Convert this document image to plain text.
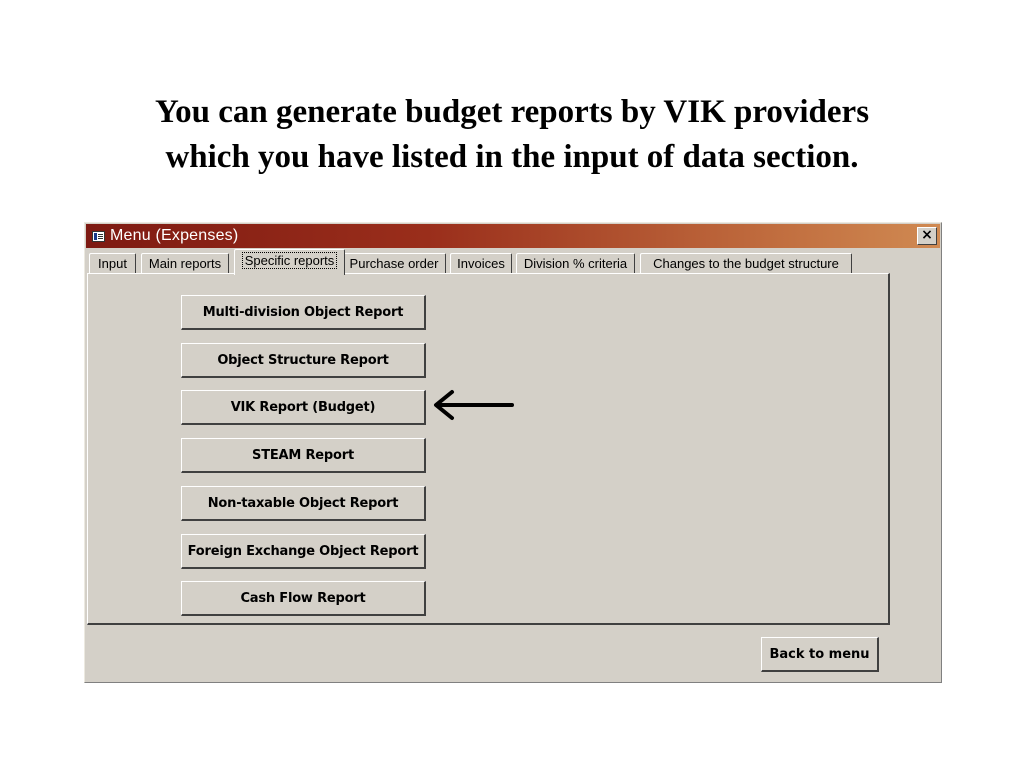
You can generate budget reports by VIK providers
which you have listed in the input of data section.
Menu (Expenses)	×
Input	Main reports	Specific reports	Purchase order	Invoices	Division % criteria	Changes to the budget structure
Multi-division Object Report
Object Structure Report
VIK Report (Budget)
STEAM Report
Non-taxable Object Report
Foreign Exchange Object Report
Cash Flow Report
Back to menu
